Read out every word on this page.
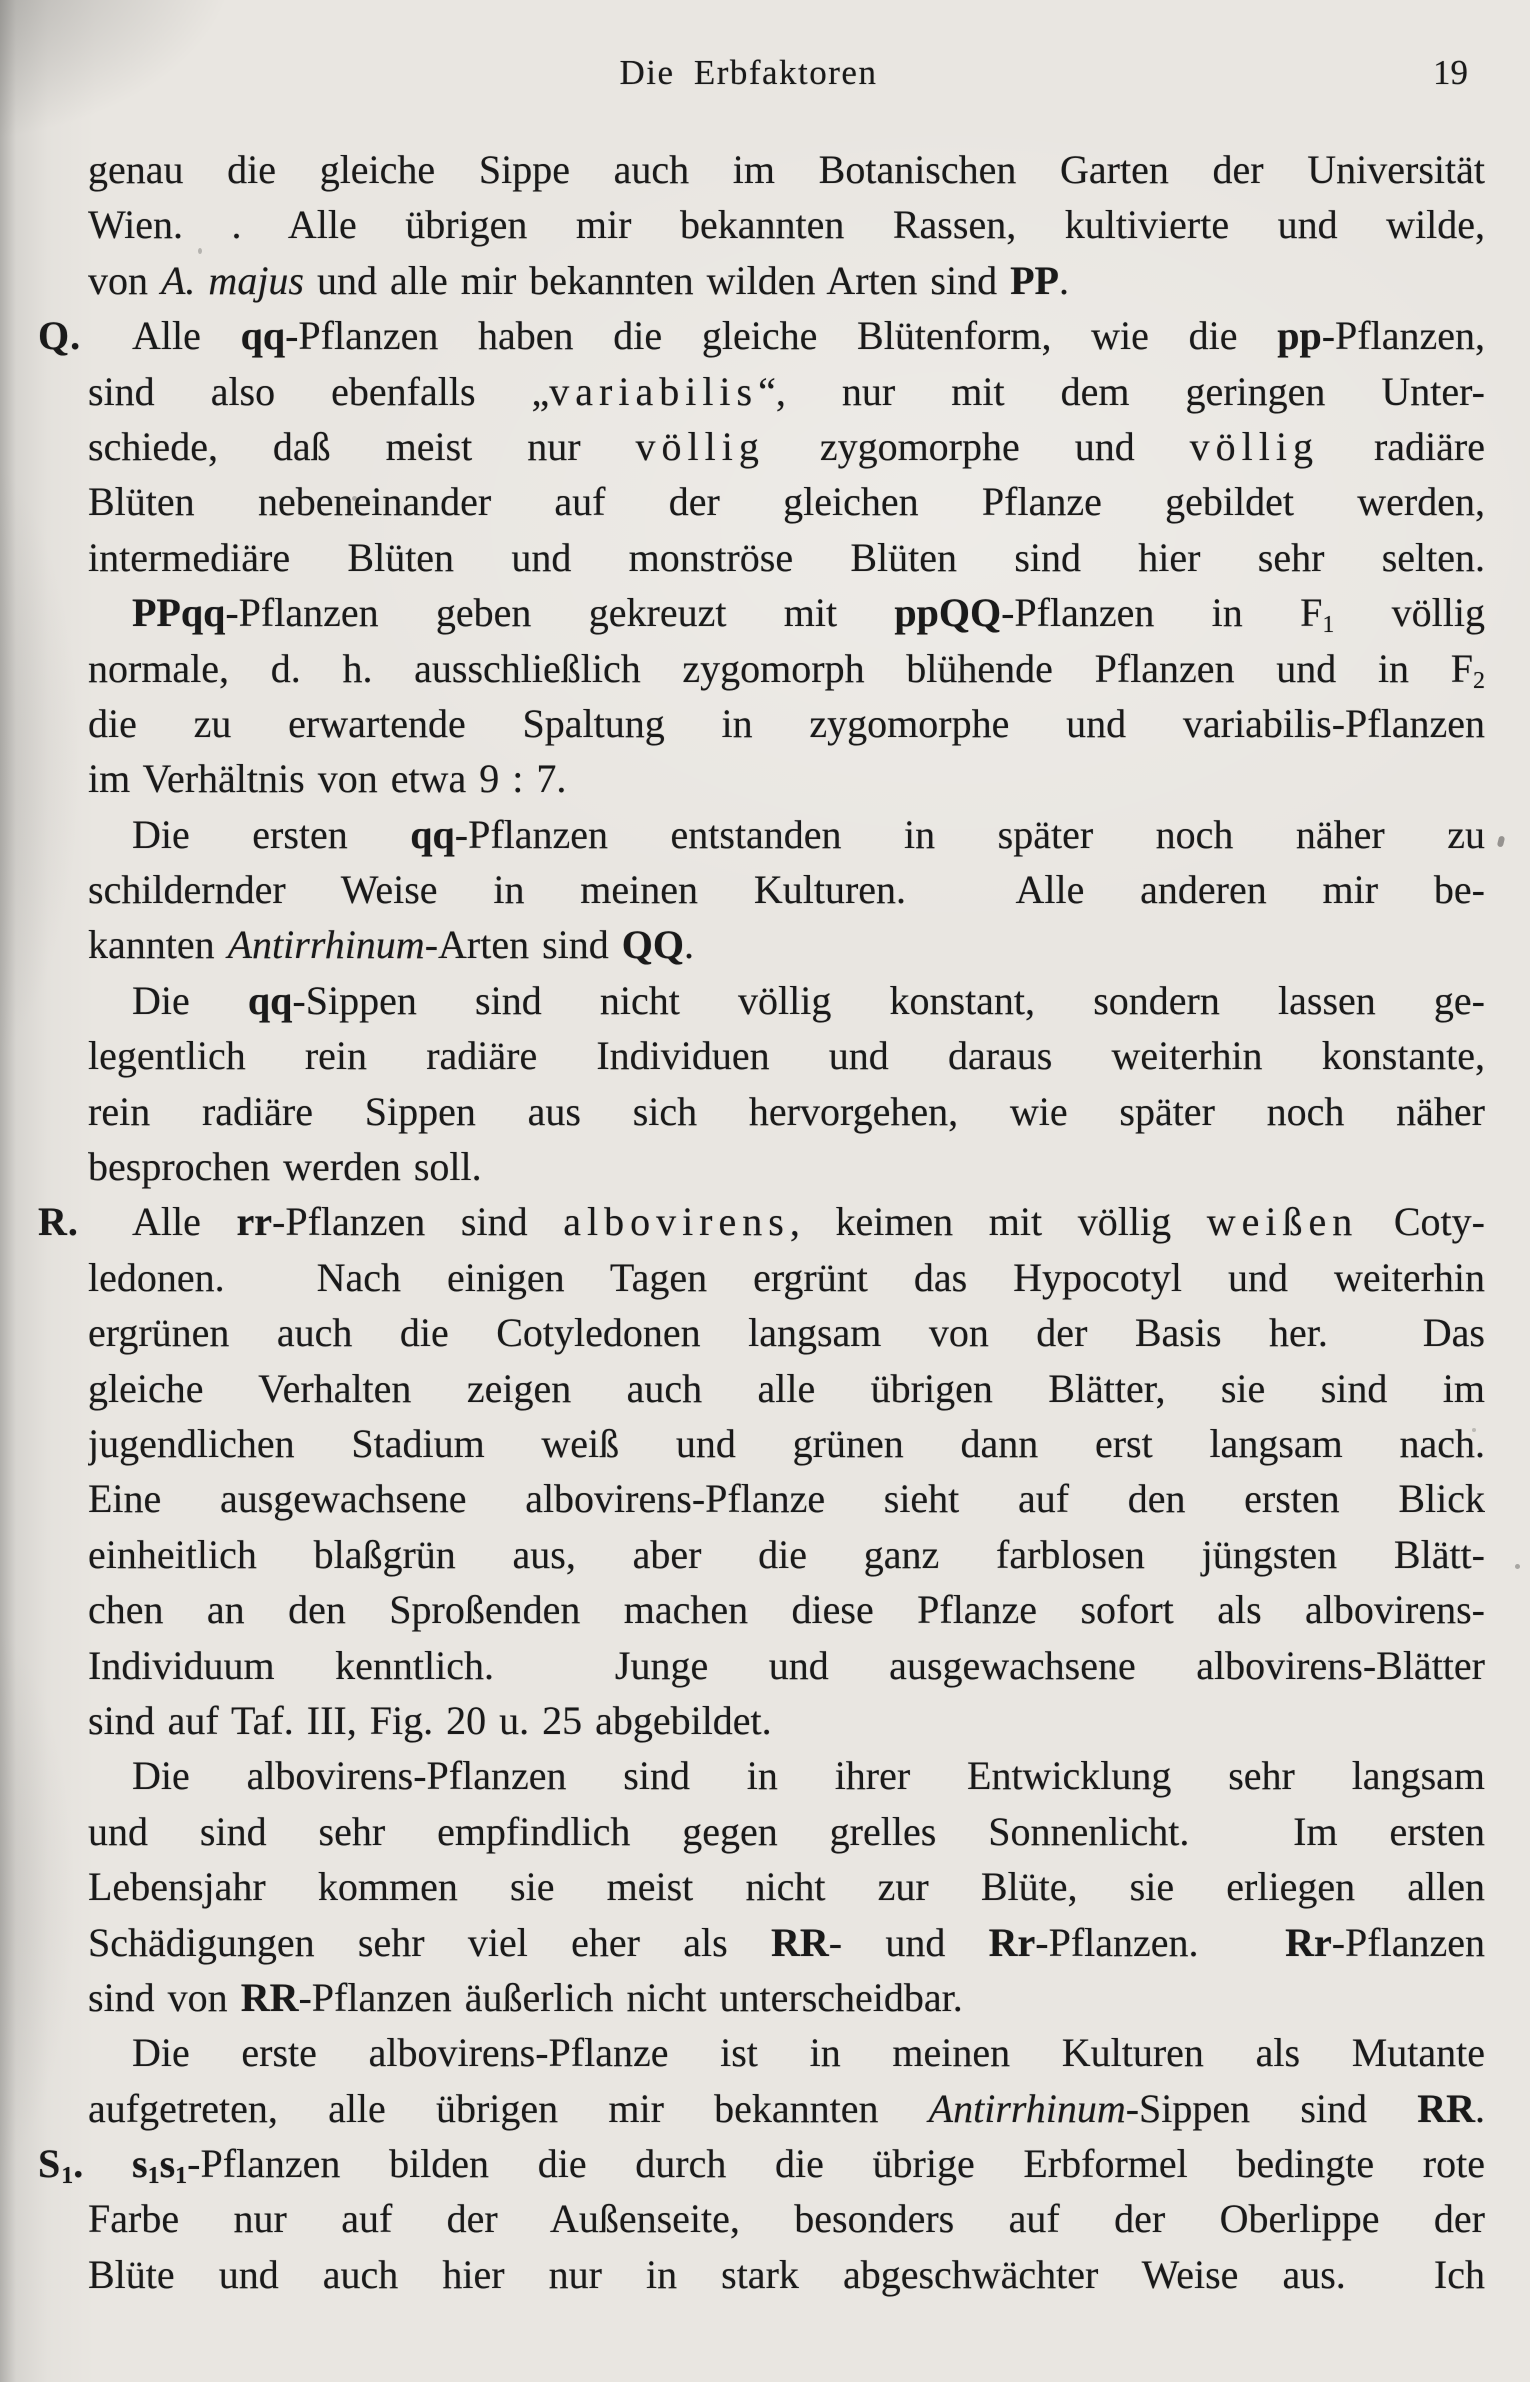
Die Erbfaktoren	19
genau die gleiche Sippe auch im Botanischen Garten der Universität
Wien. . Alle übrigen mir bekannten Rassen, kultivierte und wilde,
von A. majus und alle mir bekannten wilden Arten sind PP.
Q.	Alle qq-Pflanzen haben die gleiche Blütenform, wie die pp-Pflanzen,
sind also ebenfalls „variabilis“, nur mit dem geringen Unter-
schiede, daß meist nur völlig zygomorphe und völlig radiäre
Blüten nebeneinander auf der gleichen Pflanze gebildet werden,
intermediäre Blüten und monströse Blüten sind hier sehr selten.
PPqq-Pflanzen geben gekreuzt mit ppQQ-Pflanzen in $F_1$ völlig
normale, d. h. ausschließlich zygomorph blühende Pflanzen und in $F_2$
die zu erwartende Spaltung in zygomorphe und variabilis-Pflanzen
im Verhältnis von etwa 9 : 7.
Die ersten qq-Pflanzen entstanden in später noch näher zu
schildernder Weise in meinen Kulturen.  Alle anderen mir be-
kannten Antirrhinum-Arten sind QQ.
Die qq-Sippen sind nicht völlig konstant, sondern lassen ge-
legentlich rein radiäre Individuen und daraus weiterhin konstante,
rein radiäre Sippen aus sich hervorgehen, wie später noch näher
besprochen werden soll.
R.	Alle rr-Pflanzen sind albovirens, keimen mit völlig weißen Coty-
ledonen.  Nach einigen Tagen ergrünt das Hypocotyl und weiterhin
ergrünen auch die Cotyledonen langsam von der Basis her.  Das
gleiche Verhalten zeigen auch alle übrigen Blätter, sie sind im
jugendlichen Stadium weiß und grünen dann erst langsam nach.
Eine ausgewachsene albovirens-Pflanze sieht auf den ersten Blick
einheitlich blaßgrün aus, aber die ganz farblosen jüngsten Blätt-
chen an den Sproßenden machen diese Pflanze sofort als albovirens-
Individuum kenntlich.  Junge und ausgewachsene albovirens-Blätter
sind auf Taf. III, Fig. 20 u. 25 abgebildet.
Die albovirens-Pflanzen sind in ihrer Entwicklung sehr langsam
und sind sehr empfindlich gegen grelles Sonnenlicht.  Im ersten
Lebensjahr kommen sie meist nicht zur Blüte, sie erliegen allen
Schädigungen sehr viel eher als RR- und Rr-Pflanzen.  Rr-Pflanzen
sind von RR-Pflanzen äußerlich nicht unterscheidbar.
Die erste albovirens-Pflanze ist in meinen Kulturen als Mutante
aufgetreten, alle übrigen mir bekannten Antirrhinum-Sippen sind RR.
S1.	s1s1-Pflanzen bilden die durch die übrige Erbformel bedingte rote
Farbe nur auf der Außenseite, besonders auf der Oberlippe der
Blüte und auch hier nur in stark abgeschwächter Weise aus.  Ich
